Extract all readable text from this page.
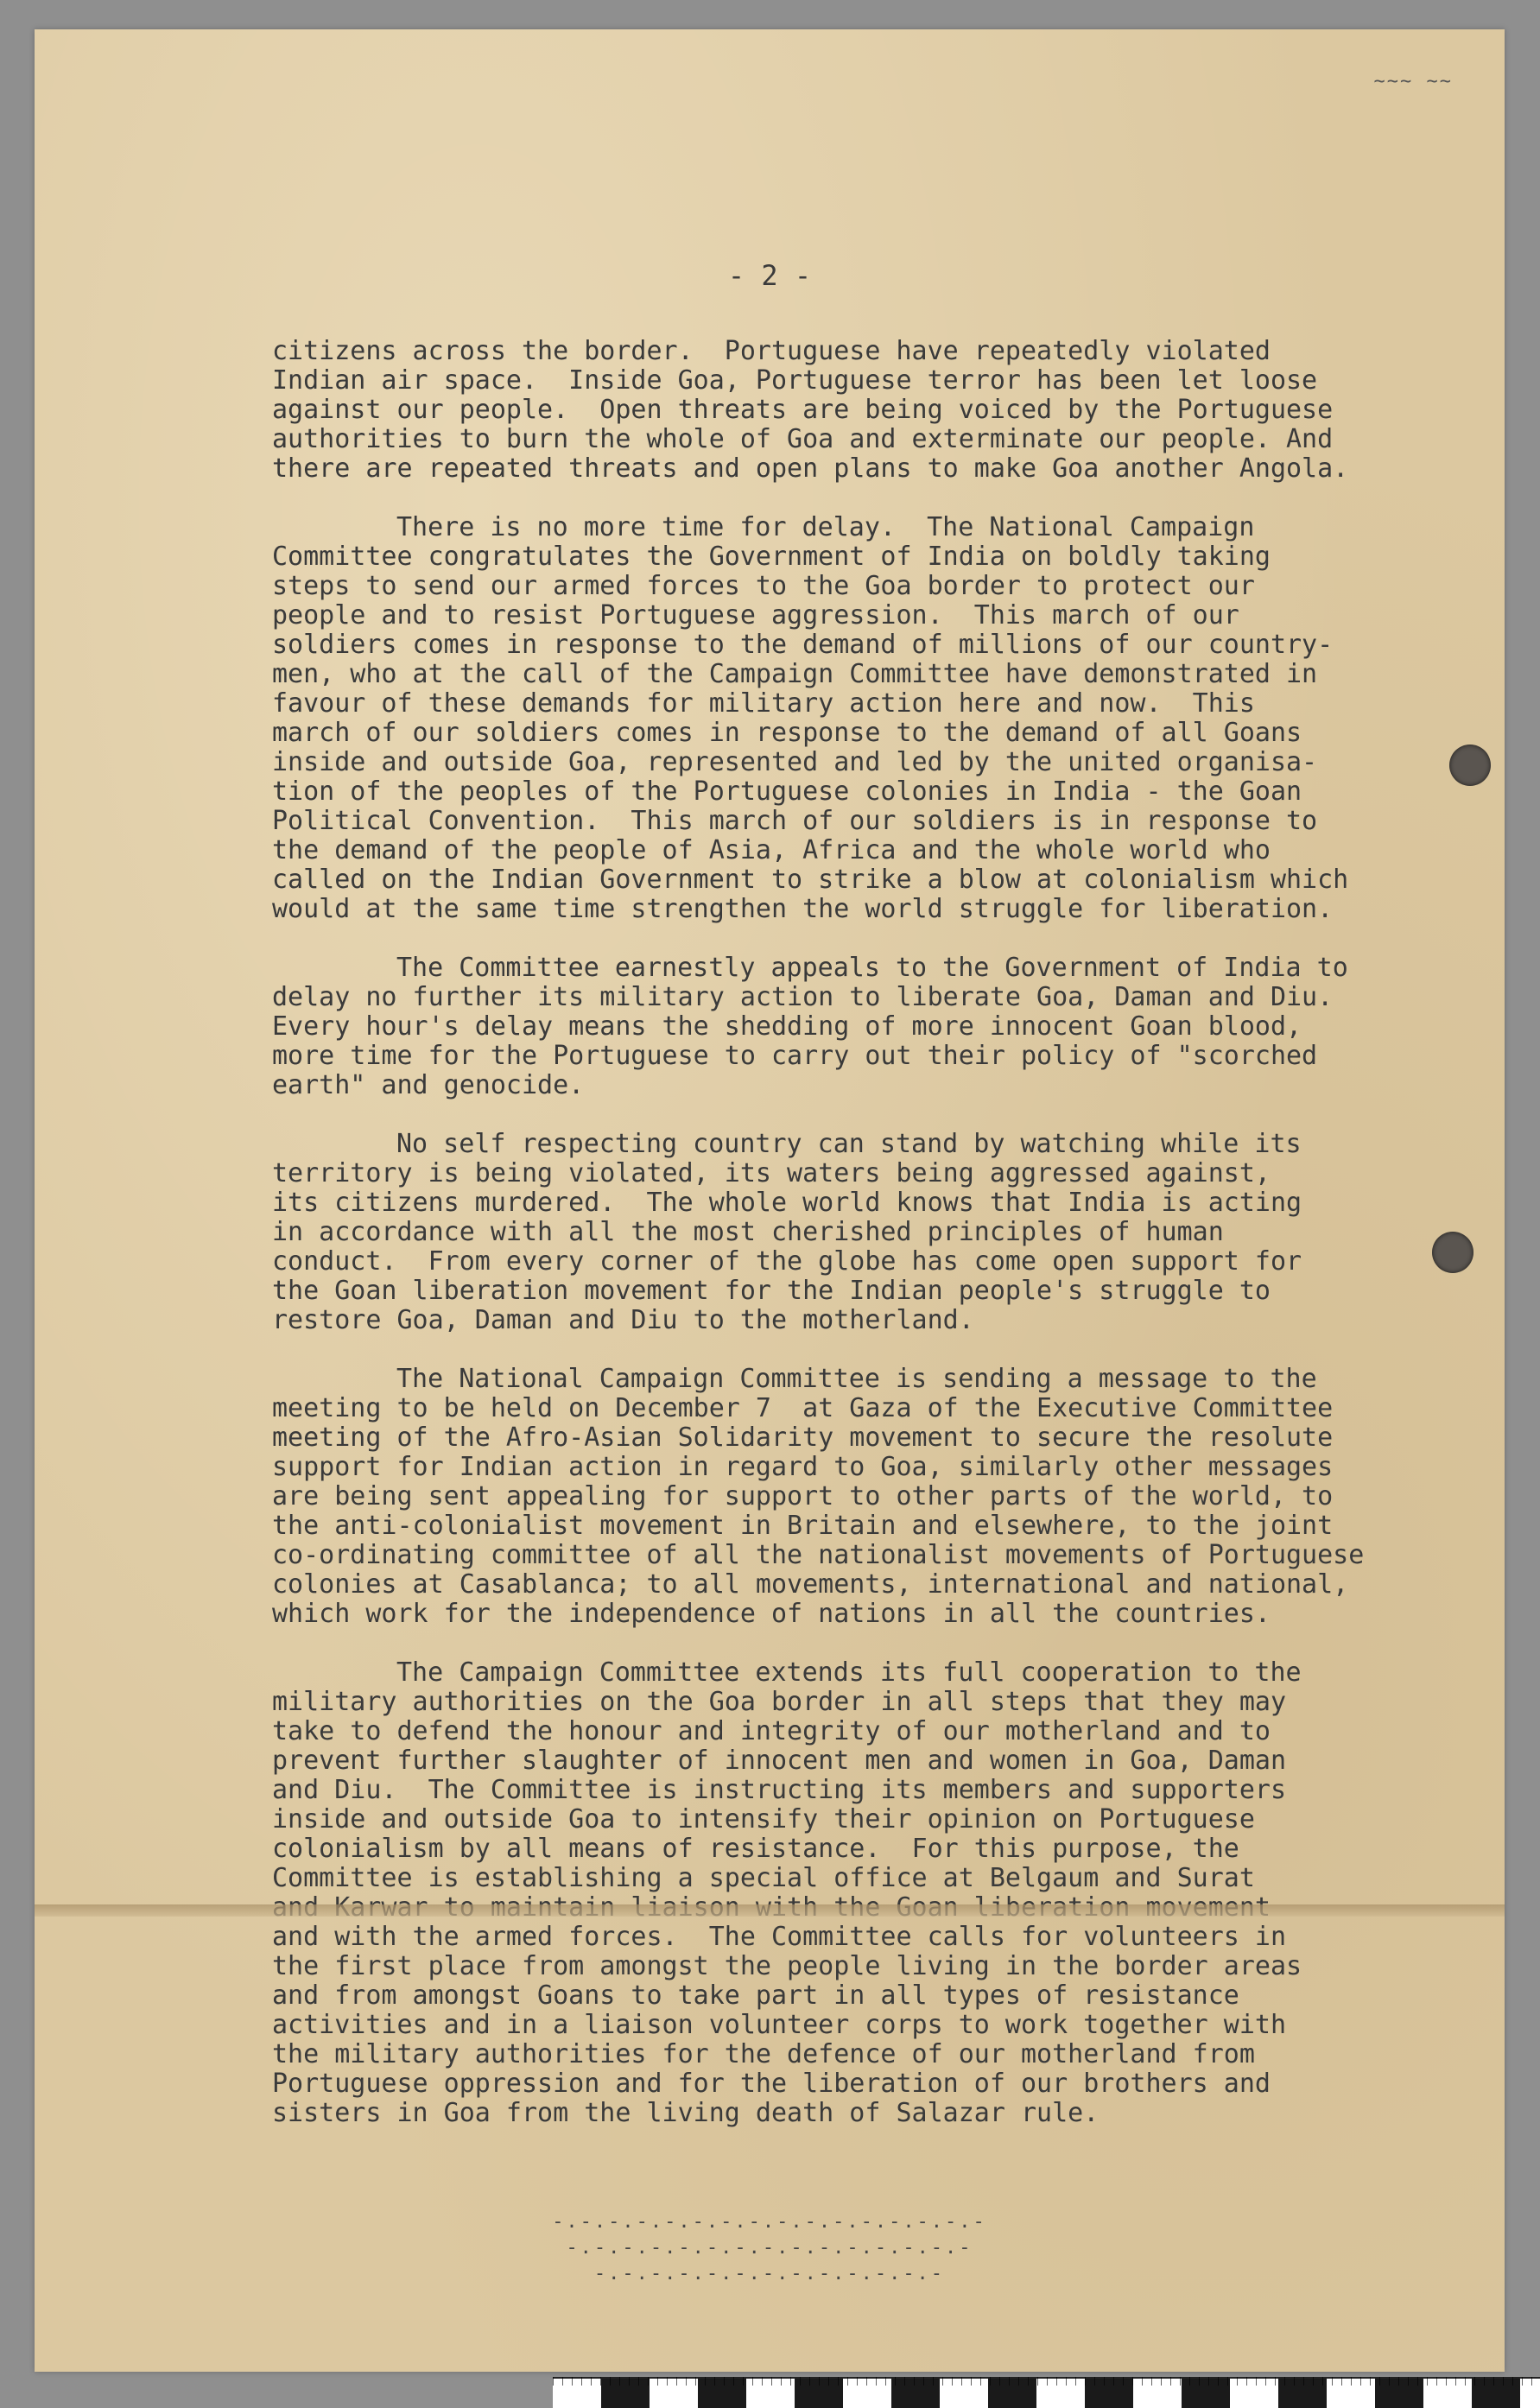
~~~ ~~
- 2 -
citizens across the border.  Portuguese have repeatedly violated
Indian air space.  Inside Goa, Portuguese terror has been let loose
against our people.  Open threats are being voiced by the Portuguese
authorities to burn the whole of Goa and exterminate our people. And
there are repeated threats and open plans to make Goa another Angola.
There is no more time for delay.  The National Campaign
Committee congratulates the Government of India on boldly taking
steps to send our armed forces to the Goa border to protect our
people and to resist Portuguese aggression.  This march of our
soldiers comes in response to the demand of millions of our country-
men, who at the call of the Campaign Committee have demonstrated in
favour of these demands for military action here and now.  This
march of our soldiers comes in response to the demand of all Goans
inside and outside Goa, represented and led by the united organisa-
tion of the peoples of the Portuguese colonies in India - the Goan
Political Convention.  This march of our soldiers is in response to
the demand of the people of Asia, Africa and the whole world who
called on the Indian Government to strike a blow at colonialism which
would at the same time strengthen the world struggle for liberation.
The Committee earnestly appeals to the Government of India to
delay no further its military action to liberate Goa, Daman and Diu.
Every hour's delay means the shedding of more innocent Goan blood,
more time for the Portuguese to carry out their policy of "scorched
earth" and genocide.
No self respecting country can stand by watching while its
territory is being violated, its waters being aggressed against,
its citizens murdered.  The whole world knows that India is acting
in accordance with all the most cherished principles of human
conduct.  From every corner of the globe has come open support for
the Goan liberation movement for the Indian people's struggle to
restore Goa, Daman and Diu to the motherland.
The National Campaign Committee is sending a message to the
meeting to be held on December 7  at Gaza of the Executive Committee
meeting of the Afro-Asian Solidarity movement to secure the resolute
support for Indian action in regard to Goa, similarly other messages
are being sent appealing for support to other parts of the world, to
the anti-colonialist movement in Britain and elsewhere, to the joint
co-ordinating committee of all the nationalist movements of Portuguese
colonies at Casablanca; to all movements, international and national,
which work for the independence of nations in all the countries.
The Campaign Committee extends its full cooperation to the
military authorities on the Goa border in all steps that they may
take to defend the honour and integrity of our motherland and to
prevent further slaughter of innocent men and women in Goa, Daman
and Diu.  The Committee is instructing its members and supporters
inside and outside Goa to intensify their opinion on Portuguese
colonialism by all means of resistance.  For this purpose, the
Committee is establishing a special office at Belgaum and Surat
and with the armed forces.  The Committee calls for volunteers in
the first place from amongst the people living in the border areas
and from amongst Goans to take part in all types of resistance
activities and in a liaison volunteer corps to work together with
the military authorities for the defence of our motherland from
Portuguese oppression and for the liberation of our brothers and
sisters in Goa from the living death of Salazar rule.
-.-.-.-.-.-.-.-.-.-.-.-.-.-.-.-
-.-.-.-.-.-.-.-.-.-.-.-.-.-.-
-.-.-.-.-.-.-.-.-.-.-.-.-
